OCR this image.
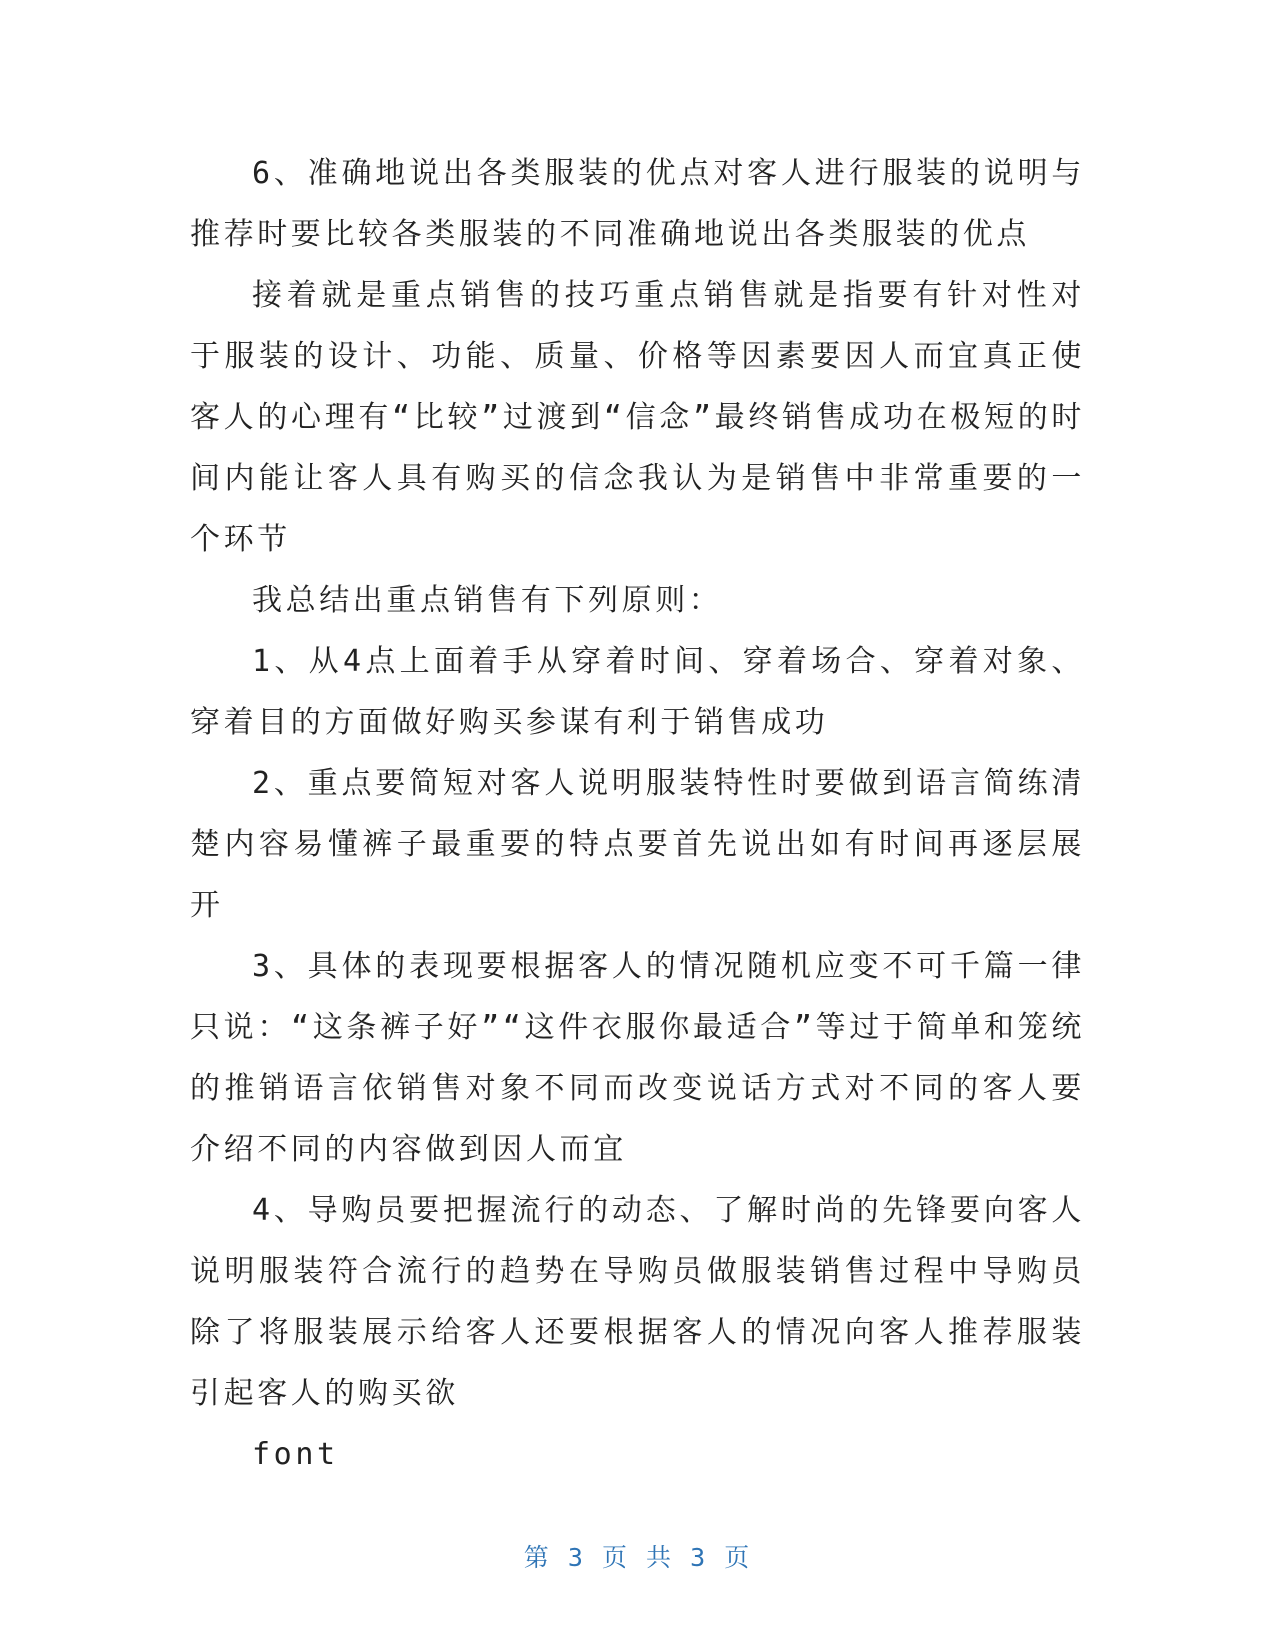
6、准确地说出各类服装的优点对客人进行服装的说明与推荐时要比较各类服装的不同准确地说出各类服装的优点

接着就是重点销售的技巧重点销售就是指要有针对性对于服装的设计、功能、质量、价格等因素要因人而宜真正使客人的心理有“比较”过渡到“信念”最终销售成功在极短的时间内能让客人具有购买的信念我认为是销售中非常重要的一个环节

我总结出重点销售有下列原则：

1、从4点上面着手从穿着时间、穿着场合、穿着对象、穿着目的方面做好购买参谋有利于销售成功

2、重点要简短对客人说明服装特性时要做到语言简练清楚内容易懂裤子最重要的特点要首先说出如有时间再逐层展开

3、具体的表现要根据客人的情况随机应变不可千篇一律只说：“这条裤子好”“这件衣服你最适合”等过于简单和笼统的推销语言依销售对象不同而改变说话方式对不同的客人要介绍不同的内容做到因人而宜

4、导购员要把握流行的动态、了解时尚的先锋要向客人说明服装符合流行的趋势在导购员做服装销售过程中导购员除了将服装展示给客人还要根据客人的情况向客人推荐服装引起客人的购买欲

font

第 3 页 共 3 页
